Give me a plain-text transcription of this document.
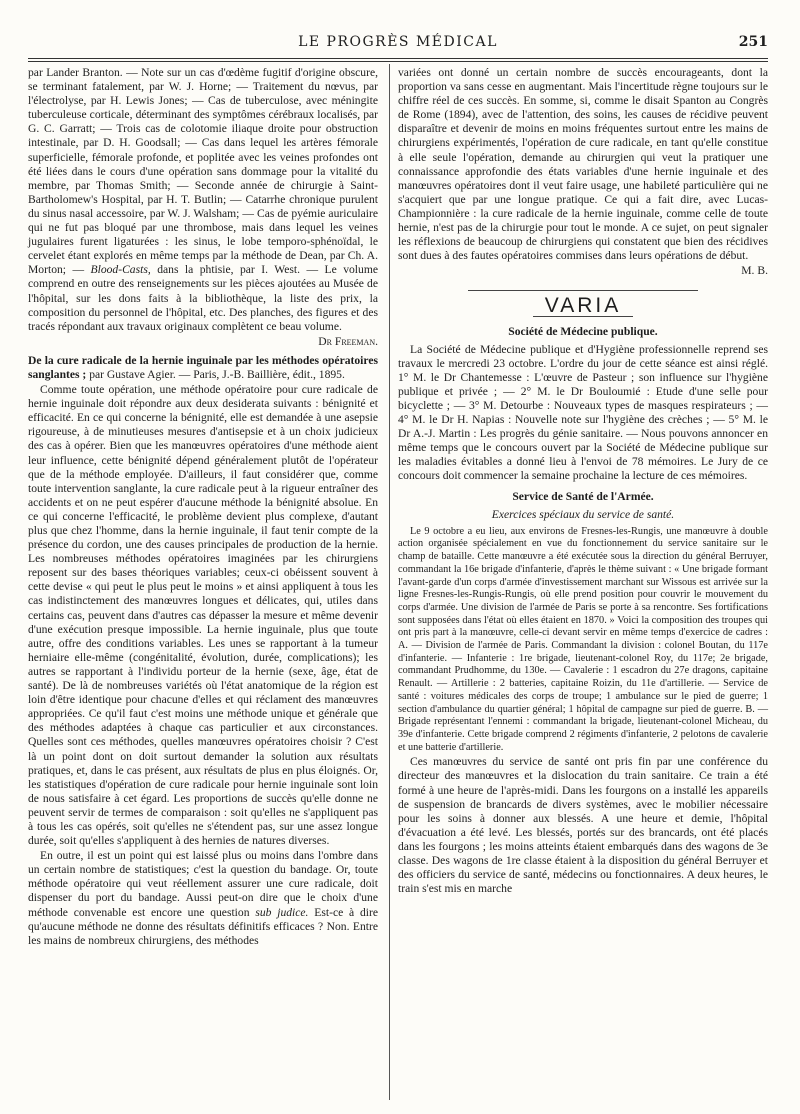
LE PROGRÈS MÉDICAL	251

par Lander Branton. — Note sur un cas d'œdème fugitif d'origine obscure, se terminant fatalement, par W. J. Horne; — Traitement du nœvus, par l'électrolyse, par H. Lewis Jones; — Cas de tuberculose, avec méningite tuberculeuse corticale, déterminant des symptômes cérébraux localisés, par G. C. Garratt; — Trois cas de colotomie iliaque droite pour obstruction intestinale, par D. H. Goodsall; — Cas dans lequel les artères fémorale superficielle, fémorale profonde, et poplitée avec les veines profondes ont été liées dans le cours d'une opération sans dommage pour la vitalité du membre, par Thomas Smith; — Seconde année de chirurgie à Saint-Bartholomew's Hospital, par H. T. Butlin; — Catarrhe chronique purulent du sinus nasal accessoire, par W. J. Walsham; — Cas de pyémie auriculaire qui ne fut pas bloqué par une thrombose, mais dans lequel les veines jugulaires furent ligaturées : les sinus, le lobe temporo-sphénoïdal, le cervelet étant explorés en même temps par la méthode de Dean, par Ch. A. Morton; — Blood-Casts, dans la phtisie, par I. West. — Le volume comprend en outre des renseignements sur les pièces ajoutées au Musée de l'hôpital, sur les dons faits à la bibliothèque, la liste des prix, la composition du personnel de l'hôpital, etc. Des planches, des figures et des tracés répondant aux travaux originaux complètent ce beau volume.

Dr Freeman.

De la cure radicale de la hernie inguinale par les méthodes opératoires sanglantes ; par Gustave Agier. — Paris, J.-B. Baillière, édit., 1895.

Comme toute opération, une méthode opératoire pour cure radicale de hernie inguinale doit répondre aux deux desiderata suivants : bénignité et efficacité. En ce qui concerne la bénignité, elle est demandée à une asepsie rigoureuse, à de minutieuses mesures d'antisepsie et à un choix judicieux des cas à opérer. Bien que les manœuvres opératoires d'une méthode aient leur influence, cette bénignité dépend généralement plutôt de l'opérateur que de la méthode employée. D'ailleurs, il faut considérer que, comme toute intervention sanglante, la cure radicale peut à la rigueur entraîner des accidents et on ne peut espérer d'aucune méthode la bénignité absolue. En ce qui concerne l'efficacité, le problème devient plus complexe, d'autant plus que chez l'homme, dans la hernie inguinale, il faut tenir compte de la présence du cordon, une des causes principales de production de la hernie. Les nombreuses méthodes opératoires imaginées par les chirurgiens reposent sur des bases théoriques variables; ceux-ci obéissent souvent à cette devise « qui peut le plus peut le moins » et ainsi appliquent à tous les cas indistinctement des manœuvres longues et délicates, qui, utiles dans certains cas, peuvent dans d'autres cas dépasser la mesure et même devenir d'une exécution presque impossible. La hernie inguinale, plus que toute autre, offre des conditions variables. Les unes se rapportant à la tumeur herniaire elle-même (congénitalité, évolution, durée, complications); les autres se rapportant à l'individu porteur de la hernie (sexe, âge, état de santé). De là de nombreuses variétés où l'état anatomique de la région est loin d'être identique pour chacune d'elles et qui réclament des manœuvres appropriées. Ce qu'il faut c'est moins une méthode unique et générale que des méthodes adaptées à chaque cas particulier et aux circonstances. Quelles sont ces méthodes, quelles manœuvres opératoires choisir ? C'est là un point dont on doit surtout demander la solution aux résultats pratiques, et, dans le cas présent, aux résultats de plus en plus éloignés. Or, les statistiques d'opération de cure radicale pour hernie inguinale sont loin de nous satisfaire à cet égard. Les proportions de succès qu'elle donne ne peuvent servir de termes de comparaison : soit qu'elles ne s'appliquent pas à tous les cas opérés, soit qu'elles ne s'étendent pas, sur une assez longue durée, soit qu'elles s'appliquent à des hernies de natures diverses.

En outre, il est un point qui est laissé plus ou moins dans l'ombre dans un certain nombre de statistiques; c'est la question du bandage. Or, toute méthode opératoire qui veut réellement assurer une cure radicale, doit dispenser du port du bandage. Aussi peut-on dire que le choix d'une méthode convenable est encore une question sub judice. Est-ce à dire qu'aucune méthode ne donne des résultats définitifs efficaces ? Non. Entre les mains de nombreux chirurgiens, des méthodes

variées ont donné un certain nombre de succès encourageants, dont la proportion va sans cesse en augmentant. Mais l'incertitude règne toujours sur le chiffre réel de ces succès. En somme, si, comme le disait Spanton au Congrès de Rome (1894), avec de l'attention, des soins, les causes de récidive peuvent disparaître et devenir de moins en moins fréquentes surtout entre les mains de chirurgiens expérimentés, l'opération de cure radicale, en tant qu'elle constitue à elle seule l'opération, demande au chirurgien qui veut la pratiquer une connaissance approfondie des états variables d'une hernie inguinale et des manœuvres opératoires dont il veut faire usage, une habileté particulière qui ne s'acquiert que par une longue pratique. Ce qui a fait dire, avec Lucas-Championnière : la cure radicale de la hernie inguinale, comme celle de toute hernie, n'est pas de la chirurgie pour tout le monde. A ce sujet, on peut signaler les réflexions de beaucoup de chirurgiens qui constatent que bien des récidives sont dues à des fautes opératoires commises dans leurs opérations de début.

M. B.

VARIA

Société de Médecine publique.

La Société de Médecine publique et d'Hygiène professionnelle reprend ses travaux le mercredi 23 octobre. L'ordre du jour de cette séance est ainsi réglé. 1° M. le Dr Chantemesse : L'œuvre de Pasteur ; son influence sur l'hygiène publique et privée ; — 2° M. le Dr Bouloumié : Etude d'une selle pour bicyclette ; — 3° M. Detourbe : Nouveaux types de masques respirateurs ; — 4° M. le Dr H. Napias : Nouvelle note sur l'hygiène des crèches ; — 5° M. le Dr A.-J. Martin : Les progrès du génie sanitaire. — Nous pouvons annoncer en même temps que le concours ouvert par la Société de Médecine publique sur les maladies évitables a donné lieu à l'envoi de 78 mémoires. Le Jury de ce concours doit commencer la semaine prochaine la lecture de ces mémoires.

Service de Santé de l'Armée.

Exercices spéciaux du service de santé.

Le 9 octobre a eu lieu, aux environs de Fresnes-les-Rungis, une manœuvre à double action organisée spécialement en vue du fonctionnement du service sanitaire sur le champ de bataille. Cette manœuvre a été exécutée sous la direction du général Berruyer, commandant la 16e brigade d'infanterie, d'après le thème suivant : « Une brigade formant l'avant-garde d'un corps d'armée d'investissement marchant sur Wissous est arrivée sur la ligne Fresnes-les-Rungis-Rungis, où elle prend position pour couvrir le mouvement du corps d'armée. Une division de l'armée de Paris se porte à sa rencontre. Ses fortifications sont supposées dans l'état où elles étaient en 1870. » Voici la composition des troupes qui ont pris part à la manœuvre, celle-ci devant servir en même temps d'exercice de cadres : A. — Division de l'armée de Paris. Commandant la division : colonel Boutan, du 117e d'infanterie. — Infanterie : 1re brigade, lieutenant-colonel Roy, du 117e; 2e brigade, commandant Prudhomme, du 130e. — Cavalerie : 1 escadron du 27e dragons, capitaine Renault. — Artillerie : 2 batteries, capitaine Roizin, du 11e d'artillerie. — Service de santé : voitures médicales des corps de troupe; 1 ambulance sur le pied de guerre; 1 section d'ambulance du quartier général; 1 hôpital de campagne sur pied de guerre. B. — Brigade représentant l'ennemi : commandant la brigade, lieutenant-colonel Micheau, du 39e d'infanterie. Cette brigade comprend 2 régiments d'infanterie, 2 pelotons de cavalerie et une batterie d'artillerie.

Ces manœuvres du service de santé ont pris fin par une conférence du directeur des manœuvres et la dislocation du train sanitaire. Ce train a été formé à une heure de l'après-midi. Dans les fourgons on a installé les appareils de suspension de brancards de divers systèmes, avec le mobilier nécessaire pour les soins à donner aux blessés. A une heure et demie, l'hôpital d'évacuation a été levé. Les blessés, portés sur des brancards, ont été placés dans les fourgons ; les moins atteints étaient embarqués dans des wagons de 3e classe. Des wagons de 1re classe étaient à la disposition du général Berruyer et des officiers du service de santé, médecins ou fonctionnaires. A deux heures, le train s'est mis en marche
